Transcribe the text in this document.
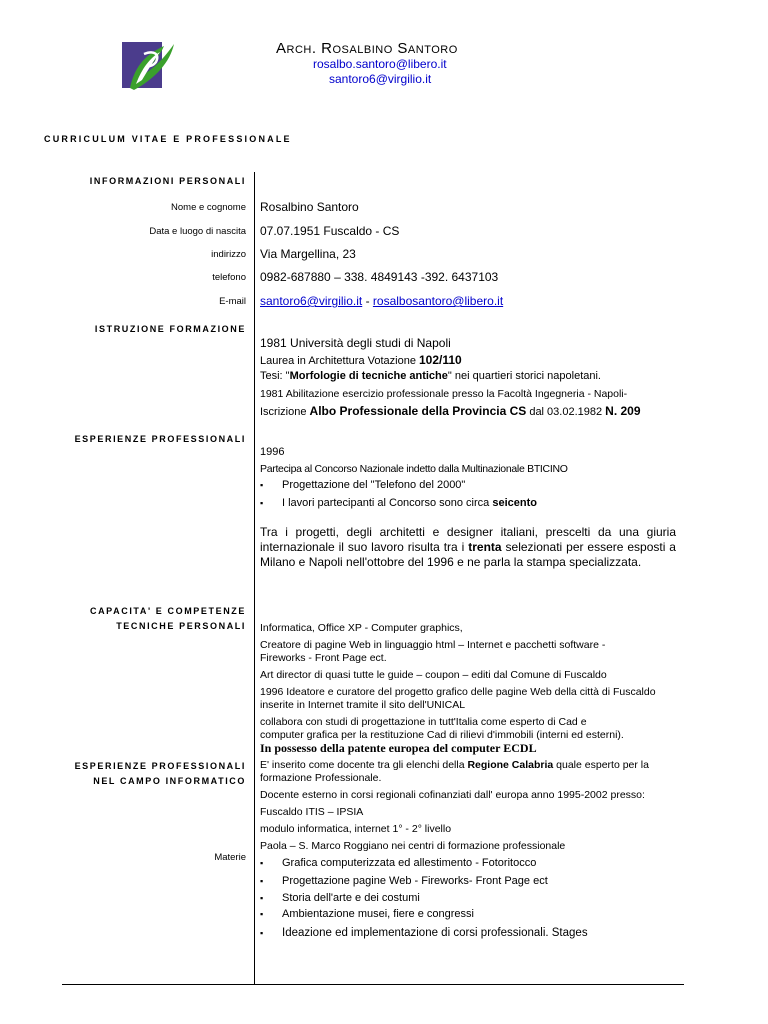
Arch. Rosalbino Santoro
rosalbo.santoro@libero.it
santoro6@virgilio.it
CURRICULUM VITAE E PROFESSIONALE
INFORMAZIONI PERSONALI
Nome e cognome Rosalbino Santoro
Data e luogo di nascita 07.07.1951 Fuscaldo - CS
indirizzo Via Margellina, 23
telefono 0982-687880 – 338. 4849143 -392. 6437103
E-mail santoro6@virgilio.it - rosalbosantoro@libero.it
ISTRUZIONE FORMAZIONE
1981 Università degli studi di Napoli
Laurea in Architettura Votazione 102/110
Tesi: "Morfologie di tecniche antiche" nei quartieri storici napoletani.
1981 Abilitazione esercizio professionale presso la Facoltà Ingegneria - Napoli-
Iscrizione Albo Professionale della Provincia CS dal 03.02.1982 N. 209
ESPERIENZE PROFESSIONALI
1996
Partecipa al Concorso Nazionale indetto dalla Multinazionale BTICINO
▪ Progettazione del "Telefono del 2000"
▪ I lavori partecipanti al Concorso sono circa seicento
Tra i progetti, degli architetti e designer italiani, prescelti da una giuria internazionale il suo lavoro risulta tra i trenta selezionati per essere esposti a Milano e Napoli nell'ottobre del 1996 e ne parla la stampa specializzata.
CAPACITA' E COMPETENZE
TECNICHE PERSONALI Informatica, Office XP - Computer graphics,
Creatore di pagine Web in linguaggio html – Internet e pacchetti software -
Fireworks - Front Page ect.
Art director di quasi tutte le guide – coupon – editi dal Comune di Fuscaldo
1996 Ideatore e curatore del progetto grafico delle pagine Web della città di Fuscaldo
inserite in Internet tramite il sito dell'UNICAL
collabora con studi di progettazione in tutt'Italia come esperto di Cad e
computer grafica per la restituzione Cad di rilievi d'immobili (interni ed esterni).
In possesso della patente europea del computer ECDL
ESPERIENZE PROFESSIONALI
NEL CAMPO INFORMATICO
E' inserito come docente tra gli elenchi della Regione Calabria quale esperto per la
formazione Professionale.
Docente esterno in corsi regionali cofinanziati dall' europa anno 1995-2002 presso:
Fuscaldo ITIS – IPSIA
modulo informatica, internet 1° - 2° livello
Paola – S. Marco Roggiano nei centri di formazione professionale
Materie ▪ Grafica computerizzata ed allestimento - Fotoritocco
▪ Progettazione pagine Web - Fireworks- Front Page ect
▪ Storia dell'arte e dei costumi
▪ Ambientazione musei, fiere e congressi
▪ Ideazione ed implementazione di corsi professionali. Stages
